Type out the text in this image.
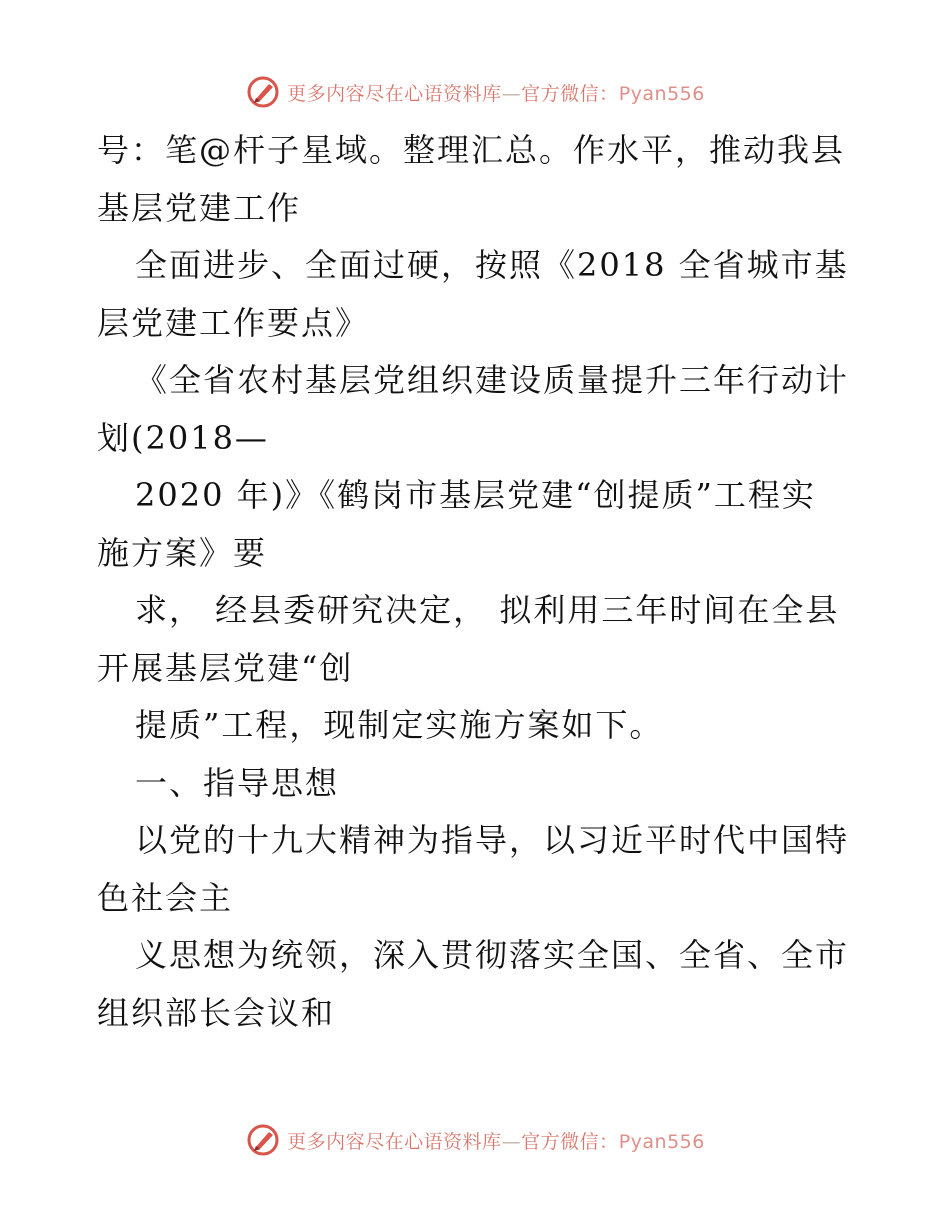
更多内容尽在心语资料库—官方微信：Pyan556
号：笔@杆子星域。整理汇总。作水平，推动我县
基层党建工作
全面进步、全面过硬，按照《2018 全省城市基
层党建工作要点》
《全省农村基层党组织建设质量提升三年行动计
划(2018—
2020 年)》《鹤岗市基层党建“创提质”工程实
施方案》要
求， 经县委研究决定， 拟利用三年时间在全县
开展基层党建“创
提质”工程，现制定实施方案如下。
一、指导思想
以党的十九大精神为指导，以习近平时代中国特
色社会主
义思想为统领，深入贯彻落实全国、全省、全市
组织部长会议和
更多内容尽在心语资料库—官方微信：Pyan556
